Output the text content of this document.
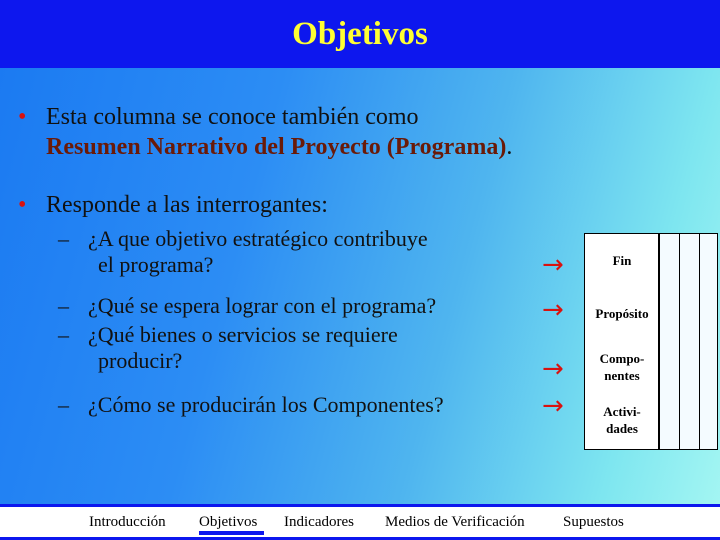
Objetivos
• Esta columna se conoce también como
Resumen Narrativo del Proyecto (Programa).
• Responde a las interrogantes:
– ¿A que objetivo estratégico contribuye
el programa?
– ¿Qué se espera lograr con el programa?
– ¿Qué bienes o servicios se requiere
producir?
– ¿Cómo se producirán los Componentes?
→
→
→
→
Fin
Propósito
Compo-
nentes
Activi-
dades
Introducción Objetivos Indicadores Medios de Verificación	Supuestos
